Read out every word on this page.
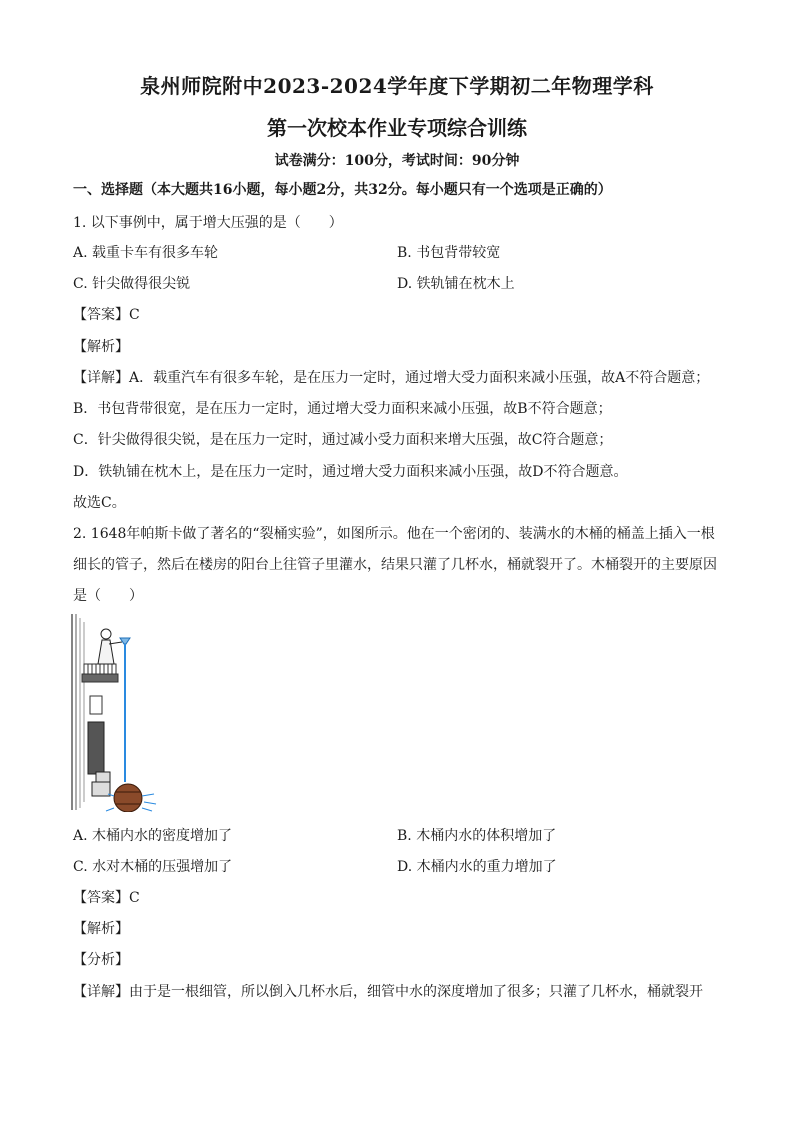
泉州师院附中2023-2024学年度下学期初二年物理学科
第一次校本作业专项综合训练
试卷满分：100分，考试时间：90分钟
一、选择题（本大题共16小题，每小题2分，共32分。每小题只有一个选项是正确的）
1. 以下事例中，属于增大压强的是（　　）
A. 载重卡车有很多车轮	B. 书包背带较宽
C. 针尖做得很尖锐	D. 铁轨铺在枕木上
【答案】C
【解析】
【详解】A．载重汽车有很多车轮，是在压力一定时，通过增大受力面积来减小压强，故A不符合题意；
B．书包背带很宽，是在压力一定时，通过增大受力面积来减小压强，故B不符合题意；
C．针尖做得很尖锐，是在压力一定时，通过减小受力面积来增大压强，故C符合题意；
D．铁轨铺在枕木上，是在压力一定时，通过增大受力面积来减小压强，故D不符合题意。
故选C。
2. 1648年帕斯卡做了著名的“裂桶实验”，如图所示。他在一个密闭的、装满水的木桶的桶盖上插入一根
细长的管子，然后在楼房的阳台上往管子里灌水，结果只灌了几杯水，桶就裂开了。木桶裂开的主要原因
是（　　）
A. 木桶内水的密度增加了	B. 木桶内水的体积增加了
C. 水对木桶的压强增加了	D. 木桶内水的重力增加了
【答案】C
【解析】
【分析】
【详解】由于是一根细管，所以倒入几杯水后，细管中水的深度增加了很多；只灌了几杯水，桶就裂开
